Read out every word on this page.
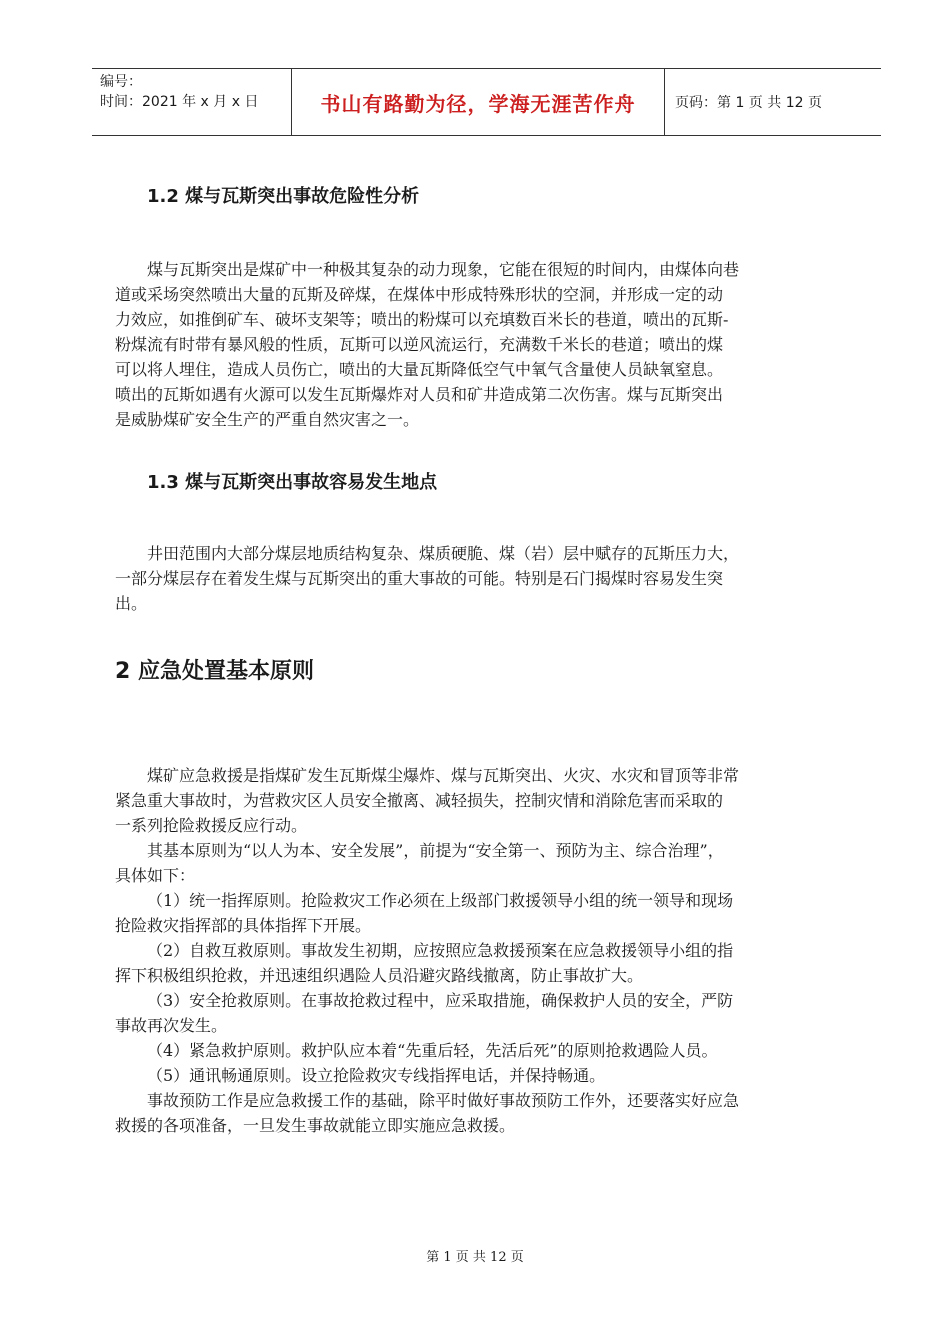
编号：
时间：2021 年 x 月 x 日	书山有路勤为径，学海无涯苦作舟	页码：第 1 页 共 12 页
1.2 煤与瓦斯突出事故危险性分析

煤与瓦斯突出是煤矿中一种极其复杂的动力现象，它能在很短的时间内，由煤体向巷

道或采场突然喷出大量的瓦斯及碎煤，在煤体中形成特殊形状的空洞，并形成一定的动

力效应，如推倒矿车、破坏支架等；喷出的粉煤可以充填数百米长的巷道，喷出的瓦斯-

粉煤流有时带有暴风般的性质，瓦斯可以逆风流运行，充满数千米长的巷道；喷出的煤

可以将人埋住，造成人员伤亡，喷出的大量瓦斯降低空气中氧气含量使人员缺氧窒息。

喷出的瓦斯如遇有火源可以发生瓦斯爆炸对人员和矿井造成第二次伤害。煤与瓦斯突出

是威胁煤矿安全生产的严重自然灾害之一。

1.3 煤与瓦斯突出事故容易发生地点

井田范围内大部分煤层地质结构复杂、煤质硬脆、煤（岩）层中赋存的瓦斯压力大，

一部分煤层存在着发生煤与瓦斯突出的重大事故的可能。特别是石门揭煤时容易发生突

出。

2 应急处置基本原则

煤矿应急救援是指煤矿发生瓦斯煤尘爆炸、煤与瓦斯突出、火灾、水灾和冒顶等非常

紧急重大事故时，为营救灾区人员安全撤离、减轻损失，控制灾情和消除危害而采取的

一系列抢险救援反应行动。

其基本原则为“以人为本、安全发展”，前提为“安全第一、预防为主、综合治理”，

具体如下：

（1）统一指挥原则。抢险救灾工作必须在上级部门救援领导小组的统一领导和现场

抢险救灾指挥部的具体指挥下开展。

（2）自救互救原则。事故发生初期，应按照应急救援预案在应急救援领导小组的指

挥下积极组织抢救，并迅速组织遇险人员沿避灾路线撤离，防止事故扩大。

（3）安全抢救原则。在事故抢救过程中，应采取措施，确保救护人员的安全，严防

事故再次发生。

（4）紧急救护原则。救护队应本着“先重后轻，先活后死”的原则抢救遇险人员。

（5）通讯畅通原则。设立抢险救灾专线指挥电话，并保持畅通。

事故预防工作是应急救援工作的基础，除平时做好事故预防工作外，还要落实好应急

救援的各项准备，一旦发生事故就能立即实施应急救援。

第 1 页 共 12 页
